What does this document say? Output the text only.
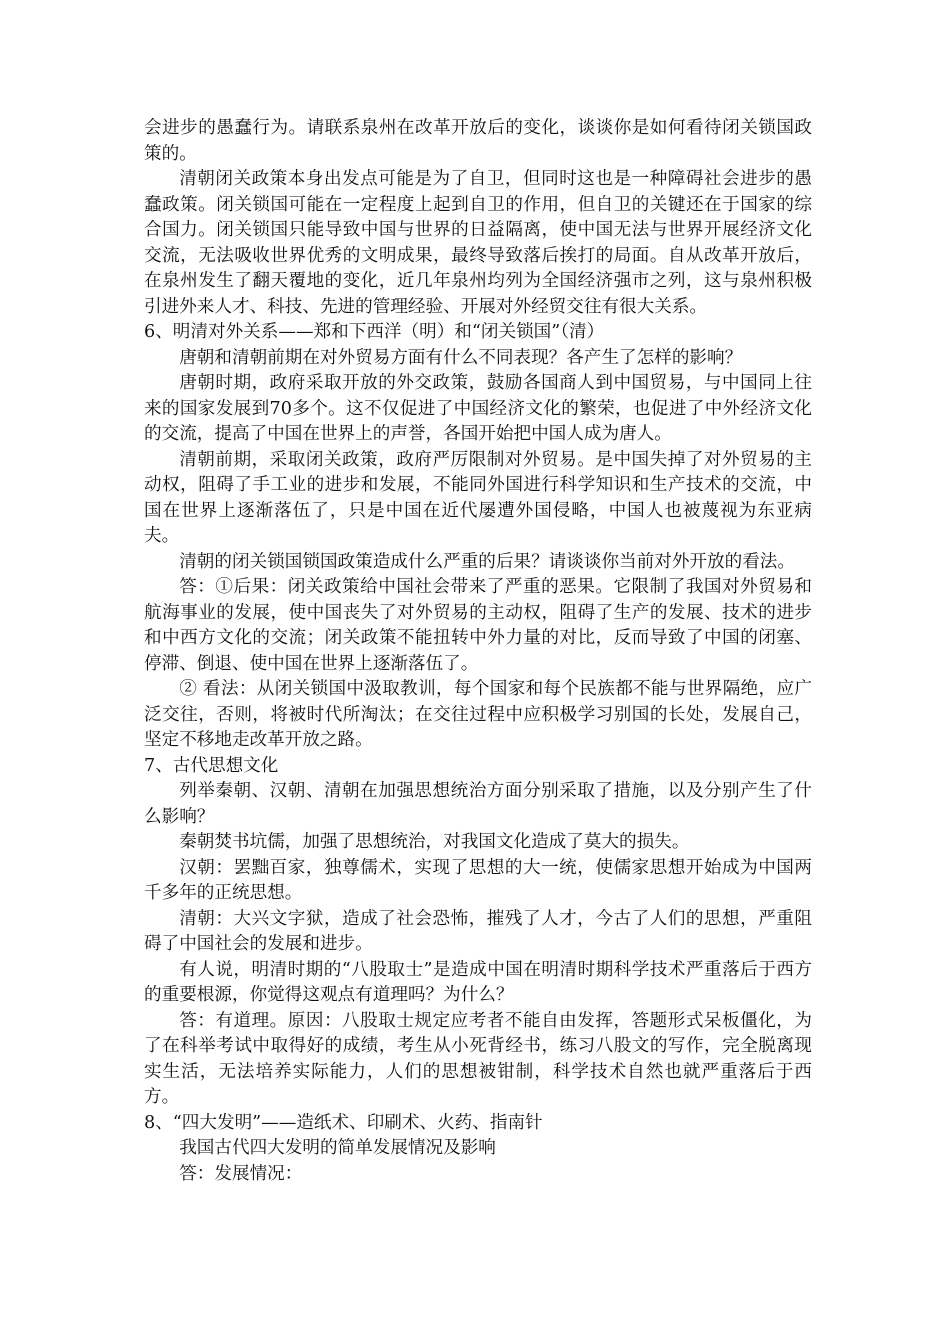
会进步的愚蠢行为。请联系泉州在改革开放后的变化，谈谈你是如何看待闭关锁国政策的。

清朝闭关政策本身出发点可能是为了自卫，但同时这也是一种障碍社会进步的愚蠢政策。闭关锁国可能在一定程度上起到自卫的作用，但自卫的关键还在于国家的综合国力。闭关锁国只能导致中国与世界的日益隔离，使中国无法与世界开展经济文化交流，无法吸收世界优秀的文明成果，最终导致落后挨打的局面。自从改革开放后，在泉州发生了翻天覆地的变化，近几年泉州均列为全国经济强市之列，这与泉州积极引进外来人才、科技、先进的管理经验、开展对外经贸交往有很大关系。

6、明清对外关系——郑和下西洋（明）和“闭关锁国”（清）

唐朝和清朝前期在对外贸易方面有什么不同表现？各产生了怎样的影响？

唐朝时期，政府采取开放的外交政策，鼓励各国商人到中国贸易，与中国同上往来的国家发展到70多个。这不仅促进了中国经济文化的繁荣，也促进了中外经济文化的交流，提高了中国在世界上的声誉，各国开始把中国人成为唐人。

清朝前期，采取闭关政策，政府严厉限制对外贸易。是中国失掉了对外贸易的主动权，阻碍了手工业的进步和发展，不能同外国进行科学知识和生产技术的交流，中国在世界上逐渐落伍了，只是中国在近代屡遭外国侵略，中国人也被蔑视为东亚病夫。

清朝的闭关锁国锁国政策造成什么严重的后果？请谈谈你当前对外开放的看法。

答：①后果：闭关政策给中国社会带来了严重的恶果。它限制了我国对外贸易和航海事业的发展，使中国丧失了对外贸易的主动权，阻碍了生产的发展、技术的进步和中西方文化的交流；闭关政策不能扭转中外力量的对比，反而导致了中国的闭塞、停滞、倒退、使中国在世界上逐渐落伍了。

② 看法：从闭关锁国中汲取教训，每个国家和每个民族都不能与世界隔绝，应广泛交往，否则，将被时代所淘汰；在交往过程中应积极学习别国的长处，发展自己，坚定不移地走改革开放之路。

7、古代思想文化

列举秦朝、汉朝、清朝在加强思想统治方面分别采取了措施，以及分别产生了什么影响？

秦朝焚书坑儒，加强了思想统治，对我国文化造成了莫大的损失。

汉朝：罢黜百家，独尊儒术，实现了思想的大一统，使儒家思想开始成为中国两千多年的正统思想。

清朝：大兴文字狱，造成了社会恐怖，摧残了人才，今古了人们的思想，严重阻碍了中国社会的发展和进步。

有人说，明清时期的“八股取士”是造成中国在明清时期科学技术严重落后于西方的重要根源，你觉得这观点有道理吗？为什么？

答：有道理。原因：八股取士规定应考者不能自由发挥，答题形式呆板僵化，为了在科举考试中取得好的成绩，考生从小死背经书，练习八股文的写作，完全脱离现实生活，无法培养实际能力，人们的思想被钳制，科学技术自然也就严重落后于西方。

8、“四大发明”——造纸术、印刷术、火药、指南针

我国古代四大发明的简单发展情况及影响

答：发展情况：
